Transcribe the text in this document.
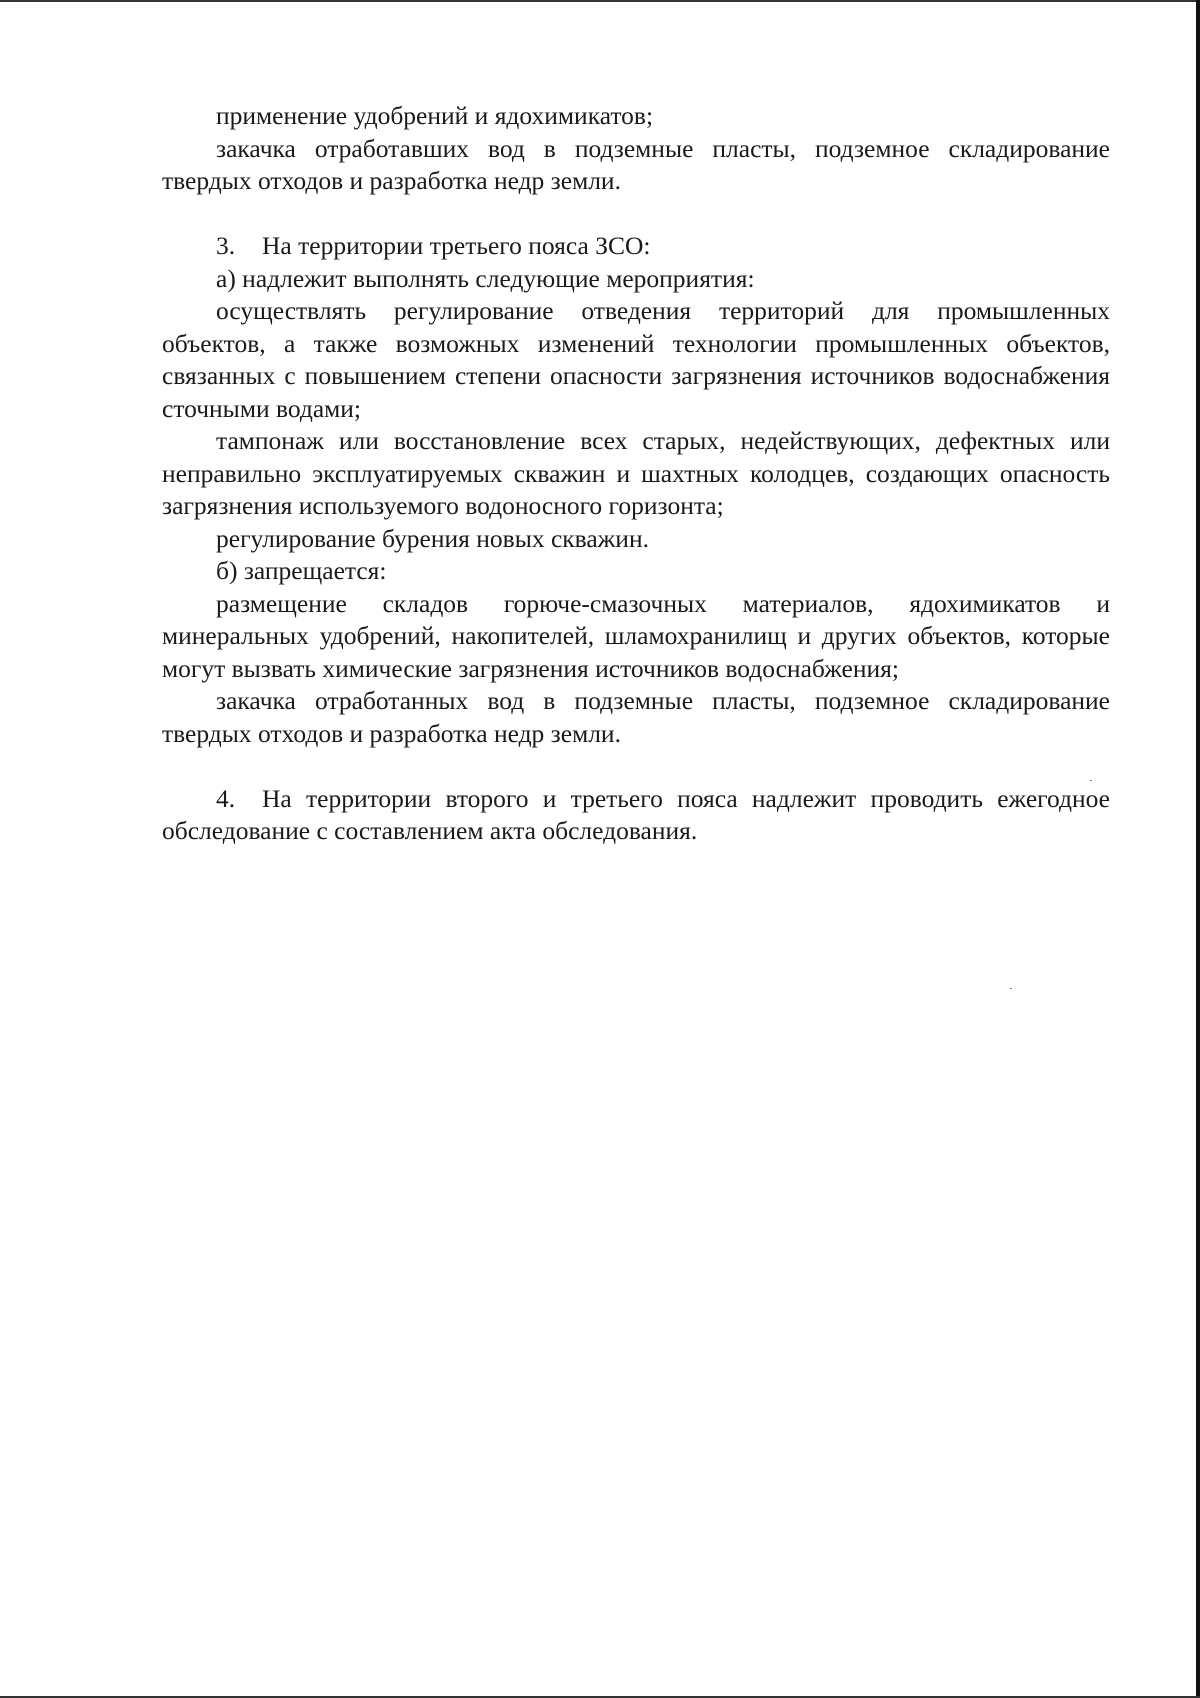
применение удобрений и ядохимикатов;

закачка отработавших вод в подземные пласты, подземное складирование твердых отходов и разработка недр земли.

3. На территории третьего пояса ЗСО:

а) надлежит выполнять следующие мероприятия:

осуществлять регулирование отведения территорий для промышленных объектов, а также возможных изменений технологии промышленных объектов, связанных с повышением степени опасности загрязнения источников водоснабжения сточными водами;

тампонаж или восстановление всех старых, недействующих, дефектных или неправильно эксплуатируемых скважин и шахтных колодцев, создающих опасность загрязнения используемого водоносного горизонта;

регулирование бурения новых скважин.

б) запрещается:

размещение складов горюче-смазочных материалов, ядохимикатов и минеральных удобрений, накопителей, шламохранилищ и других объектов, которые могут вызвать химические загрязнения источников водоснабжения;

закачка отработанных вод в подземные пласты, подземное складирование твердых отходов и разработка недр земли.

4. На территории второго и третьего пояса надлежит проводить ежегодное обследование с составлением акта обследования.
